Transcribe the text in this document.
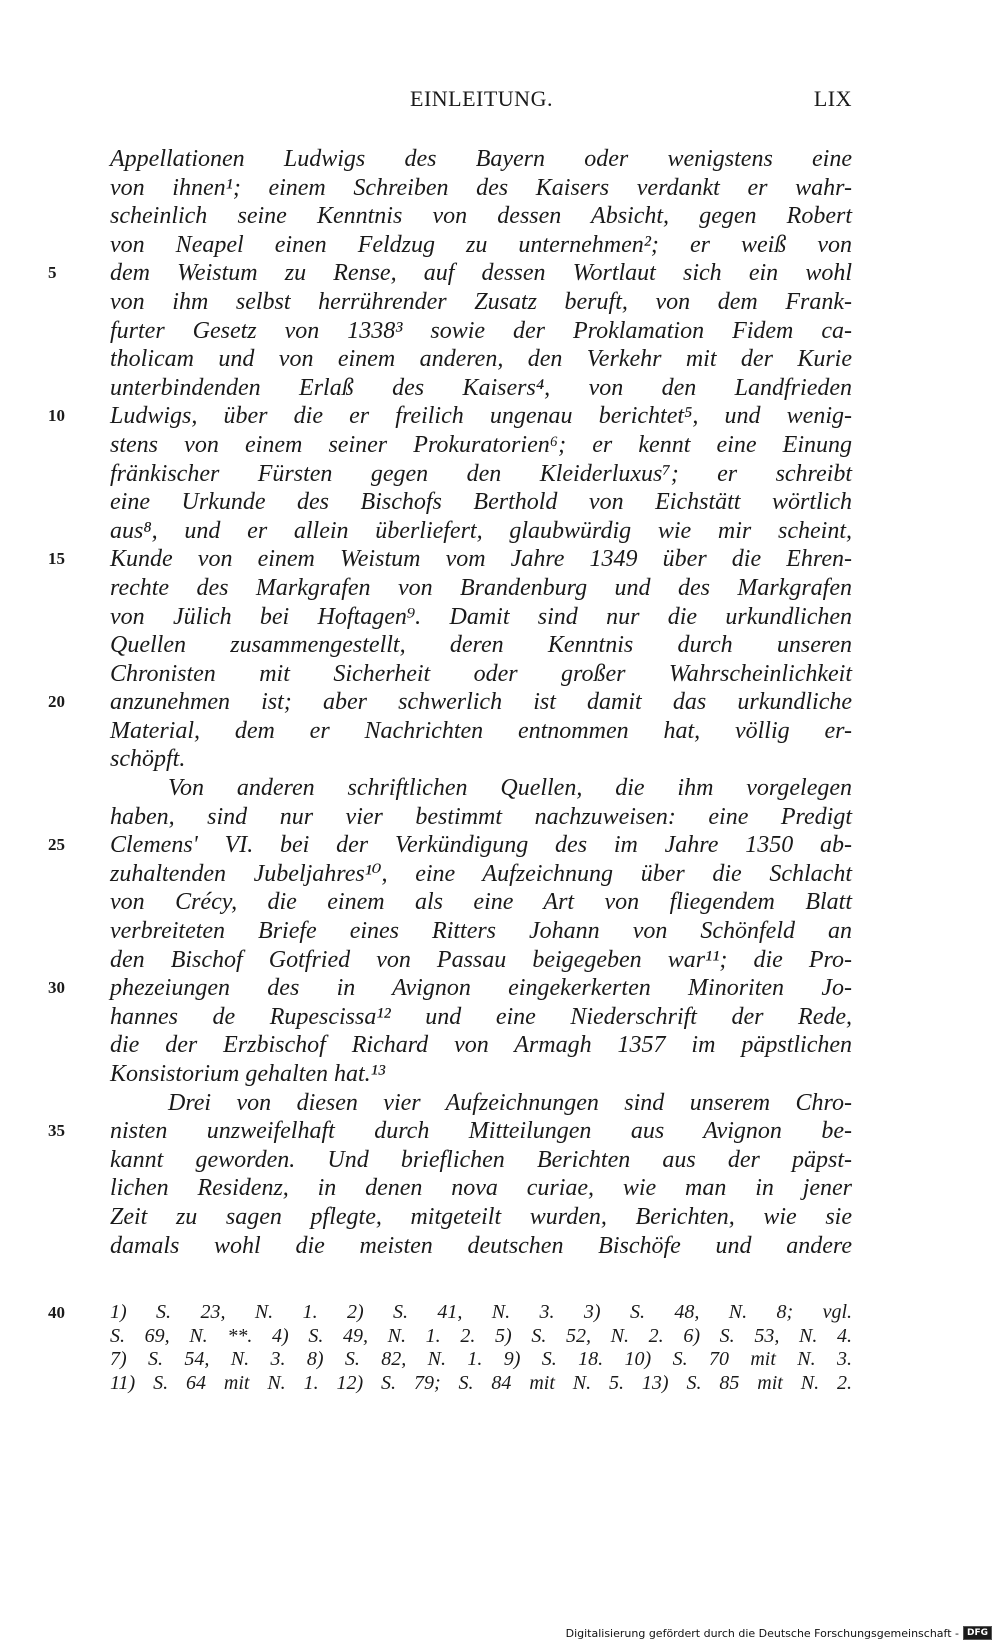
EINLEITUNG.	LIX
Appellationen Ludwigs des Bayern oder wenigstens eine
von ihnen¹; einem Schreiben des Kaisers verdankt er wahr-
scheinlich seine Kenntnis von dessen Absicht, gegen Robert
von Neapel einen Feldzug zu unternehmen²; er weiß von
5	dem Weistum zu Rense, auf dessen Wortlaut sich ein wohl
von ihm selbst herrührender Zusatz beruft, von dem Frank-
furter Gesetz von 1338³ sowie der Proklamation Fidem ca-
tholicam und von einem anderen, den Verkehr mit der Kurie
unterbindenden Erlaß des Kaisers⁴, von den Landfrieden
10	Ludwigs, über die er freilich ungenau berichtet⁵, und wenig-
stens von einem seiner Prokuratorien⁶; er kennt eine Einung
fränkischer Fürsten gegen den Kleiderluxus⁷; er schreibt
eine Urkunde des Bischofs Berthold von Eichstätt wörtlich
aus⁸, und er allein überliefert, glaubwürdig wie mir scheint,
15	Kunde von einem Weistum vom Jahre 1349 über die Ehren-
rechte des Markgrafen von Brandenburg und des Markgrafen
von Jülich bei Hoftagen⁹. Damit sind nur die urkundlichen
Quellen zusammengestellt, deren Kenntnis durch unseren
Chronisten mit Sicherheit oder großer Wahrscheinlichkeit
20	anzunehmen ist; aber schwerlich ist damit das urkundliche
Material, dem er Nachrichten entnommen hat, völlig er-
schöpft.
Von anderen schriftlichen Quellen, die ihm vorgelegen
haben, sind nur vier bestimmt nachzuweisen: eine Predigt
25	Clemens' VI. bei der Verkündigung des im Jahre 1350 ab-
zuhaltenden Jubeljahres¹⁰, eine Aufzeichnung über die Schlacht
von Crécy, die einem als eine Art von fliegendem Blatt
verbreiteten Briefe eines Ritters Johann von Schönfeld an
den Bischof Gotfried von Passau beigegeben war¹¹; die Pro-
30	phezeiungen des in Avignon eingekerkerten Minoriten Jo-
hannes de Rupescissa¹² und eine Niederschrift der Rede,
die der Erzbischof Richard von Armagh 1357 im päpstlichen
Konsistorium gehalten hat.¹³
Drei von diesen vier Aufzeichnungen sind unserem Chro-
35	nisten unzweifelhaft durch Mitteilungen aus Avignon be-
kannt geworden. Und brieflichen Berichten aus der päpst-
lichen Residenz, in denen nova curiae, wie man in jener
Zeit zu sagen pflegte, mitgeteilt wurden, Berichten, wie sie
damals wohl die meisten deutschen Bischöfe und andere
40	1) S. 23, N. 1. 2) S. 41, N. 3. 3) S. 48, N. 8; vgl.
S. 69, N. **. 4) S. 49, N. 1. 2. 5) S. 52, N. 2. 6) S. 53, N. 4.
7) S. 54, N. 3. 8) S. 82, N. 1. 9) S. 18. 10) S. 70 mit N. 3.
11) S. 64 mit N. 1. 12) S. 79; S. 84 mit N. 5. 13) S. 85 mit N. 2.
Digitalisierung gefördert durch die Deutsche Forschungsgemeinschaft - DFG
